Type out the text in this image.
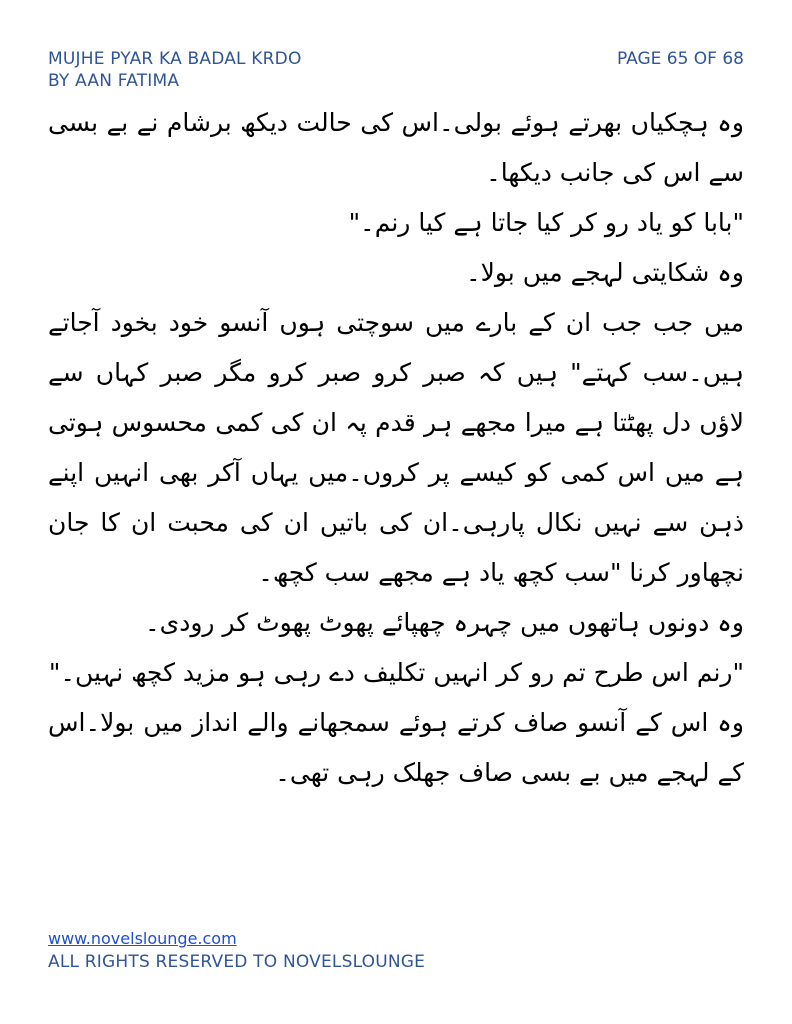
MUJHE PYAR KA BADAL KRDO
BY AAN FATIMA
PAGE 65 OF 68

وہ ہچکیاں بھرتے ہوئے بولی۔اس کی حالت دیکھ برشام نے بے بسی سے اس کی جانب دیکھا۔

"بابا کو یاد رو کر کیا جاتا ہے کیا رنم۔"

وہ شکایتی لہجے میں بولا۔

میں جب جب ان کے بارے میں سوچتی ہوں آنسو خود بخود آجاتے ہیں۔سب کہتے" ہیں کہ صبر کرو صبر کرو مگر صبر کہاں سے لاؤں دل پھٹتا ہے میرا مجھے ہر قدم پہ ان کی کمی محسوس ہوتی ہے میں اس کمی کو کیسے پر کروں۔میں یہاں آکر بھی انہیں اپنے ذہن سے نہیں نکال پارہی۔ان کی باتیں ان کی محبت ان کا جان نچھاور کرنا "سب کچھ یاد ہے مجھے سب کچھ۔

وہ دونوں ہاتھوں میں چہرہ چھپائے پھوٹ پھوٹ کر رودی۔

"رنم اس طرح تم رو کر انہیں تکلیف دے رہی ہو مزید کچھ نہیں۔"

وہ اس کے آنسو صاف کرتے ہوئے سمجھانے والے انداز میں بولا۔اس کے لہجے میں بے بسی صاف جھلک رہی تھی۔

www.novelslounge.com
ALL RIGHTS RESERVED TO NOVELSLOUNGE
